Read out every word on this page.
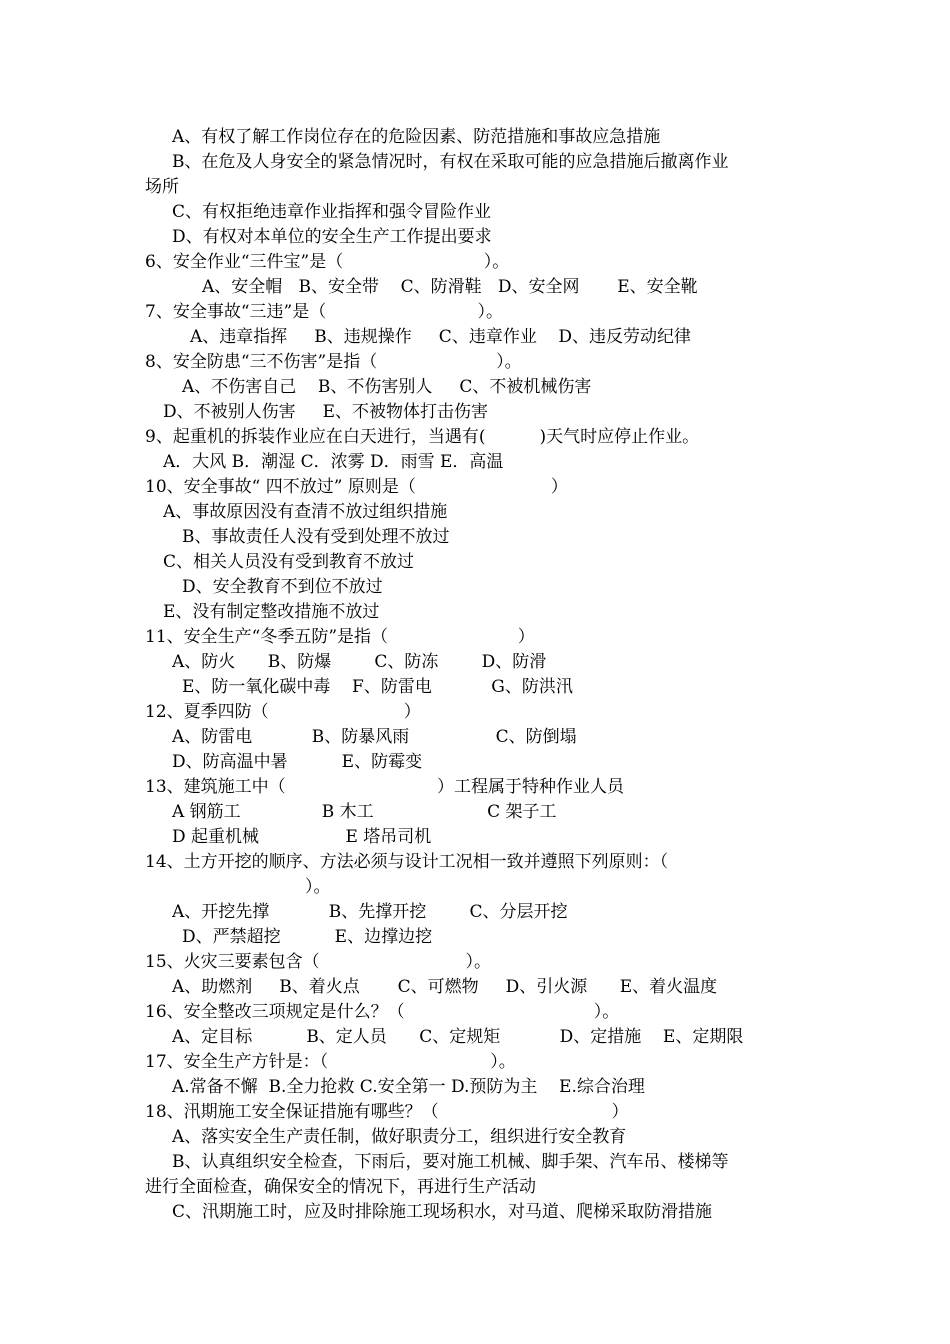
A、有权了解工作岗位存在的危险因素、防范措施和事故应急措施
B、在危及人身安全的紧急情况时，有权在采取可能的应急措施后撤离作业
场所
C、有权拒绝违章作业指挥和强令冒险作业
D、有权对本单位的安全生产工作提出要求
6、安全作业“三件宝”是（                          ）。
A、安全帽   B、安全带    C、防滑鞋   D、安全网       E、安全靴
7、安全事故“三违”是（                            ）。
A、违章指挥     B、违规操作     C、违章作业    D、违反劳动纪律
8、安全防患“三不伤害”是指（                      ）。
A、不伤害自己    B、不伤害别人     C、不被机械伤害
D、不被别人伤害     E、不被物体打击伤害
9、起重机的拆装作业应在白天进行，当遇有(          )天气时应停止作业。
A．大风 B．潮湿 C．浓雾 D．雨雪 E．高温
10、安全事故“ 四不放过” 原则是（                         ）
A、事故原因没有查清不放过组织措施
B、事故责任人没有受到处理不放过
C、相关人员没有受到教育不放过
D、安全教育不到位不放过
E、没有制定整改措施不放过
11、安全生产“冬季五防”是指（                        ）
A、防火      B、防爆        C、防冻        D、防滑
E、防一氧化碳中毒    F、防雷电           G、防洪汛
12、夏季四防（                         ）
A、防雷电           B、防暴风雨                C、防倒塌
D、防高温中暑          E、防霉变
13、建筑施工中（                            ）工程属于特种作业人员
A 钢筋工               B 木工                     C 架子工
D 起重机械                E 塔吊司机
14、土方开挖的顺序、方法必须与设计工况相一致并遵照下列原则：（
）。
A、开挖先撑           B、先撑开挖        C、分层开挖
D、严禁超挖          E、边撑边挖
15、火灾三要素包含（                           ）。
A、助燃剂     B、着火点       C、可燃物     D、引火源      E、着火温度
16、安全整改三项规定是什么？（                                   ）。
A、定目标          B、定人员      C、定规矩           D、定措施    E、定期限
17、安全生产方针是：（                              ）。
A.常备不懈  B.全力抢救 C.安全第一 D.预防为主    E.综合治理
18、汛期施工安全保证措施有哪些？（                                ）
A、落实安全生产责任制，做好职责分工，组织进行安全教育
B、认真组织安全检查，下雨后，要对施工机械、脚手架、汽车吊、楼梯等
进行全面检查，确保安全的情况下，再进行生产活动
C、汛期施工时，应及时排除施工现场积水，对马道、爬梯采取防滑措施
